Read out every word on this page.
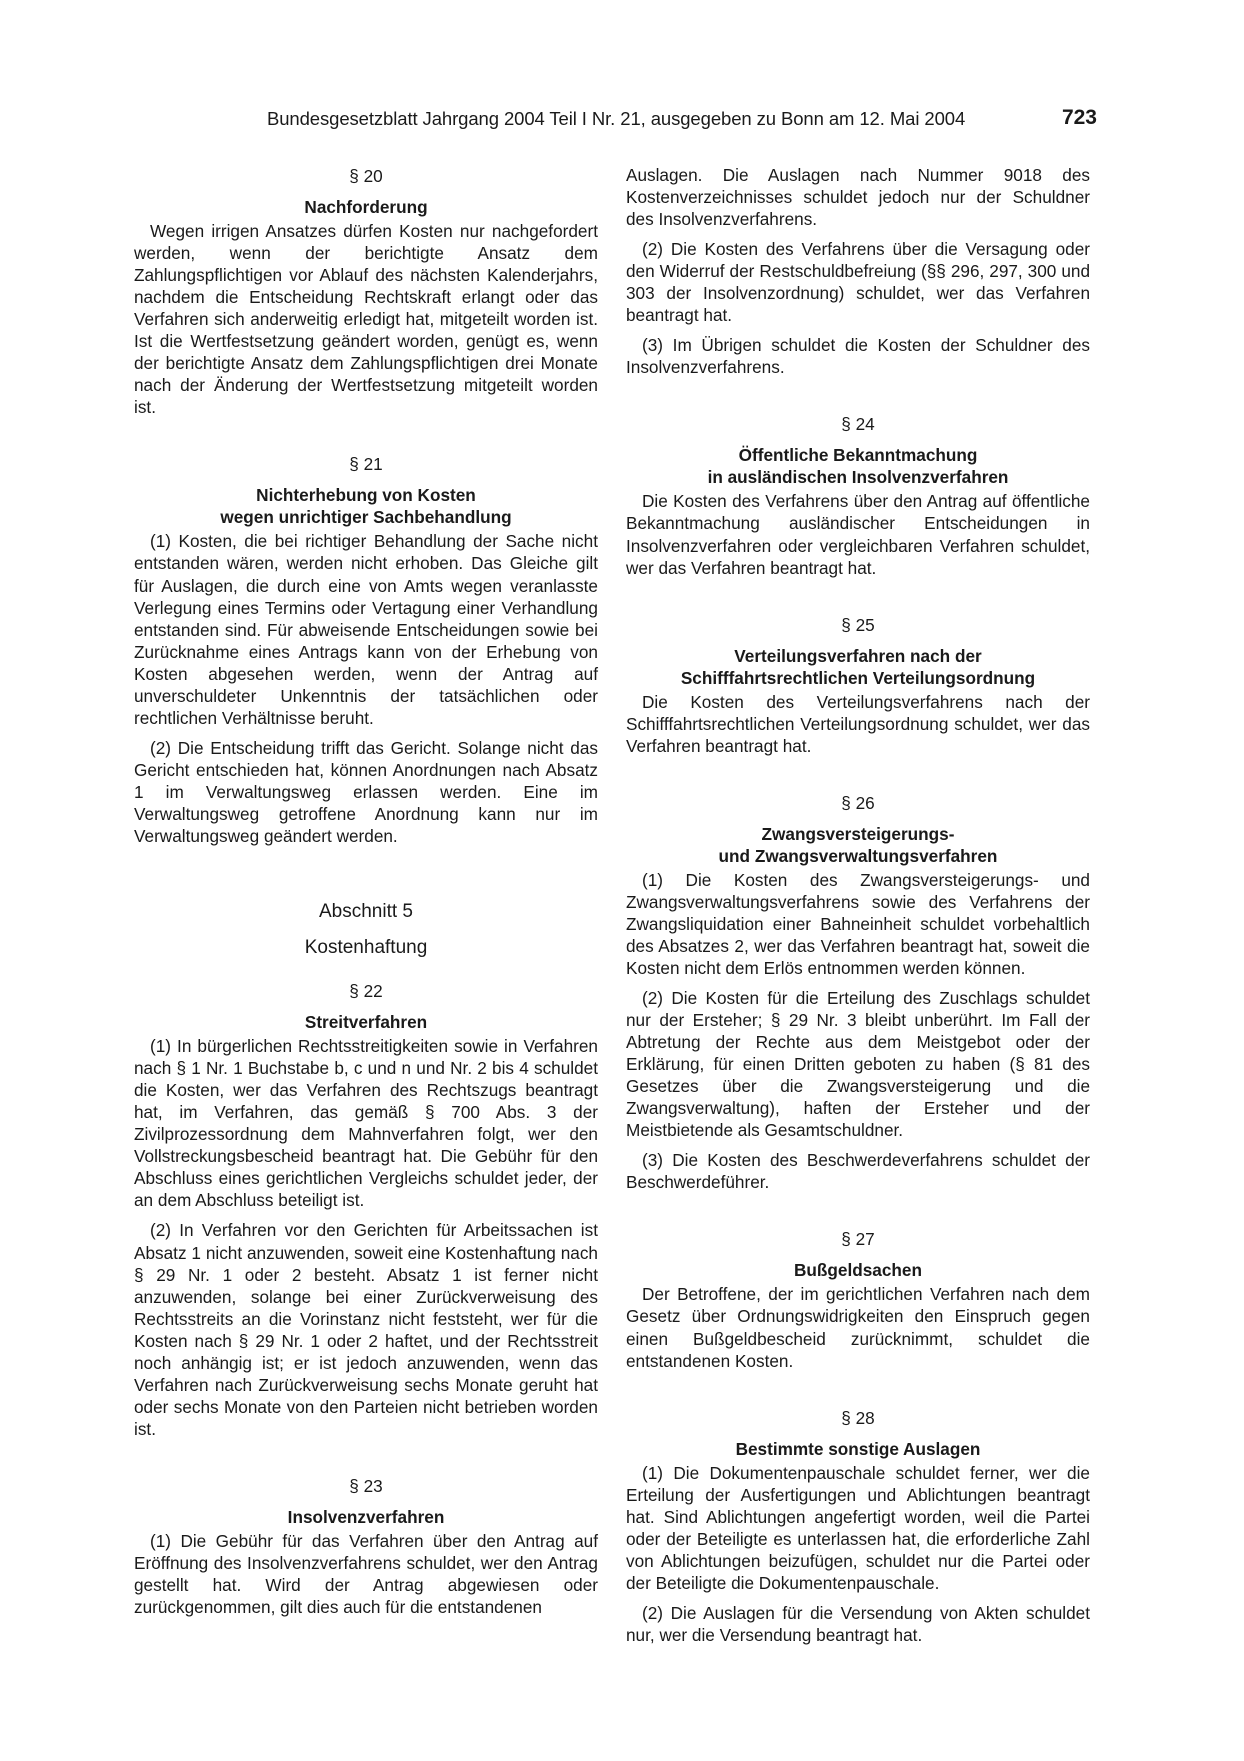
Bundesgesetzblatt Jahrgang 2004 Teil I Nr. 21, ausgegeben zu Bonn am 12. Mai 2004	723
§ 20
Nachforderung

Wegen irrigen Ansatzes dürfen Kosten nur nachgefordert werden, wenn der berichtigte Ansatz dem Zahlungspflichtigen vor Ablauf des nächsten Kalenderjahrs, nachdem die Entscheidung Rechtskraft erlangt oder das Verfahren sich anderweitig erledigt hat, mitgeteilt worden ist. Ist die Wertfestsetzung geändert worden, genügt es, wenn der berichtigte Ansatz dem Zahlungspflichtigen drei Monate nach der Änderung der Wertfestsetzung mitgeteilt worden ist.

§ 21
Nichterhebung von Kosten
wegen unrichtiger Sachbehandlung

(1) Kosten, die bei richtiger Behandlung der Sache nicht entstanden wären, werden nicht erhoben. Das Gleiche gilt für Auslagen, die durch eine von Amts wegen veranlasste Verlegung eines Termins oder Vertagung einer Verhandlung entstanden sind. Für abweisende Entscheidungen sowie bei Zurücknahme eines Antrags kann von der Erhebung von Kosten abgesehen werden, wenn der Antrag auf unverschuldeter Unkenntnis der tatsächlichen oder rechtlichen Verhältnisse beruht.

(2) Die Entscheidung trifft das Gericht. Solange nicht das Gericht entschieden hat, können Anordnungen nach Absatz 1 im Verwaltungsweg erlassen werden. Eine im Verwaltungsweg getroffene Anordnung kann nur im Verwaltungsweg geändert werden.

Abschnitt 5
Kostenhaftung
§ 22
Streitverfahren

(1) In bürgerlichen Rechtsstreitigkeiten sowie in Verfahren nach § 1 Nr. 1 Buchstabe b, c und n und Nr. 2 bis 4 schuldet die Kosten, wer das Verfahren des Rechtszugs beantragt hat, im Verfahren, das gemäß § 700 Abs. 3 der Zivilprozessordnung dem Mahnverfahren folgt, wer den Vollstreckungsbescheid beantragt hat. Die Gebühr für den Abschluss eines gerichtlichen Vergleichs schuldet jeder, der an dem Abschluss beteiligt ist.

(2) In Verfahren vor den Gerichten für Arbeitssachen ist Absatz 1 nicht anzuwenden, soweit eine Kostenhaftung nach § 29 Nr. 1 oder 2 besteht. Absatz 1 ist ferner nicht anzuwenden, solange bei einer Zurückverweisung des Rechtsstreits an die Vorinstanz nicht feststeht, wer für die Kosten nach § 29 Nr. 1 oder 2 haftet, und der Rechtsstreit noch anhängig ist; er ist jedoch anzuwenden, wenn das Verfahren nach Zurückverweisung sechs Monate geruht hat oder sechs Monate von den Parteien nicht betrieben worden ist.

§ 23
Insolvenzverfahren

(1) Die Gebühr für das Verfahren über den Antrag auf Eröffnung des Insolvenzverfahrens schuldet, wer den Antrag gestellt hat. Wird der Antrag abgewiesen oder zurückgenommen, gilt dies auch für die entstandenen

Auslagen. Die Auslagen nach Nummer 9018 des Kostenverzeichnisses schuldet jedoch nur der Schuldner des Insolvenzverfahrens.

(2) Die Kosten des Verfahrens über die Versagung oder den Widerruf der Restschuldbefreiung (§§ 296, 297, 300 und 303 der Insolvenzordnung) schuldet, wer das Verfahren beantragt hat.

(3) Im Übrigen schuldet die Kosten der Schuldner des Insolvenzverfahrens.

§ 24
Öffentliche Bekanntmachung
in ausländischen Insolvenzverfahren

Die Kosten des Verfahrens über den Antrag auf öffentliche Bekanntmachung ausländischer Entscheidungen in Insolvenzverfahren oder vergleichbaren Verfahren schuldet, wer das Verfahren beantragt hat.

§ 25
Verteilungsverfahren nach der
Schifffahrtsrechtlichen Verteilungsordnung

Die Kosten des Verteilungsverfahrens nach der Schifffahrtsrechtlichen Verteilungsordnung schuldet, wer das Verfahren beantragt hat.

§ 26
Zwangsversteigerungs-
und Zwangsverwaltungsverfahren

(1) Die Kosten des Zwangsversteigerungs- und Zwangsverwaltungsverfahrens sowie des Verfahrens der Zwangsliquidation einer Bahneinheit schuldet vorbehaltlich des Absatzes 2, wer das Verfahren beantragt hat, soweit die Kosten nicht dem Erlös entnommen werden können.

(2) Die Kosten für die Erteilung des Zuschlags schuldet nur der Ersteher; § 29 Nr. 3 bleibt unberührt. Im Fall der Abtretung der Rechte aus dem Meistgebot oder der Erklärung, für einen Dritten geboten zu haben (§ 81 des Gesetzes über die Zwangsversteigerung und die Zwangsverwaltung), haften der Ersteher und der Meistbietende als Gesamtschuldner.

(3) Die Kosten des Beschwerdeverfahrens schuldet der Beschwerdeführer.

§ 27
Bußgeldsachen

Der Betroffene, der im gerichtlichen Verfahren nach dem Gesetz über Ordnungswidrigkeiten den Einspruch gegen einen Bußgeldbescheid zurücknimmt, schuldet die entstandenen Kosten.

§ 28
Bestimmte sonstige Auslagen

(1) Die Dokumentenpauschale schuldet ferner, wer die Erteilung der Ausfertigungen und Ablichtungen beantragt hat. Sind Ablichtungen angefertigt worden, weil die Partei oder der Beteiligte es unterlassen hat, die erforderliche Zahl von Ablichtungen beizufügen, schuldet nur die Partei oder der Beteiligte die Dokumentenpauschale.

(2) Die Auslagen für die Versendung von Akten schuldet nur, wer die Versendung beantragt hat.
